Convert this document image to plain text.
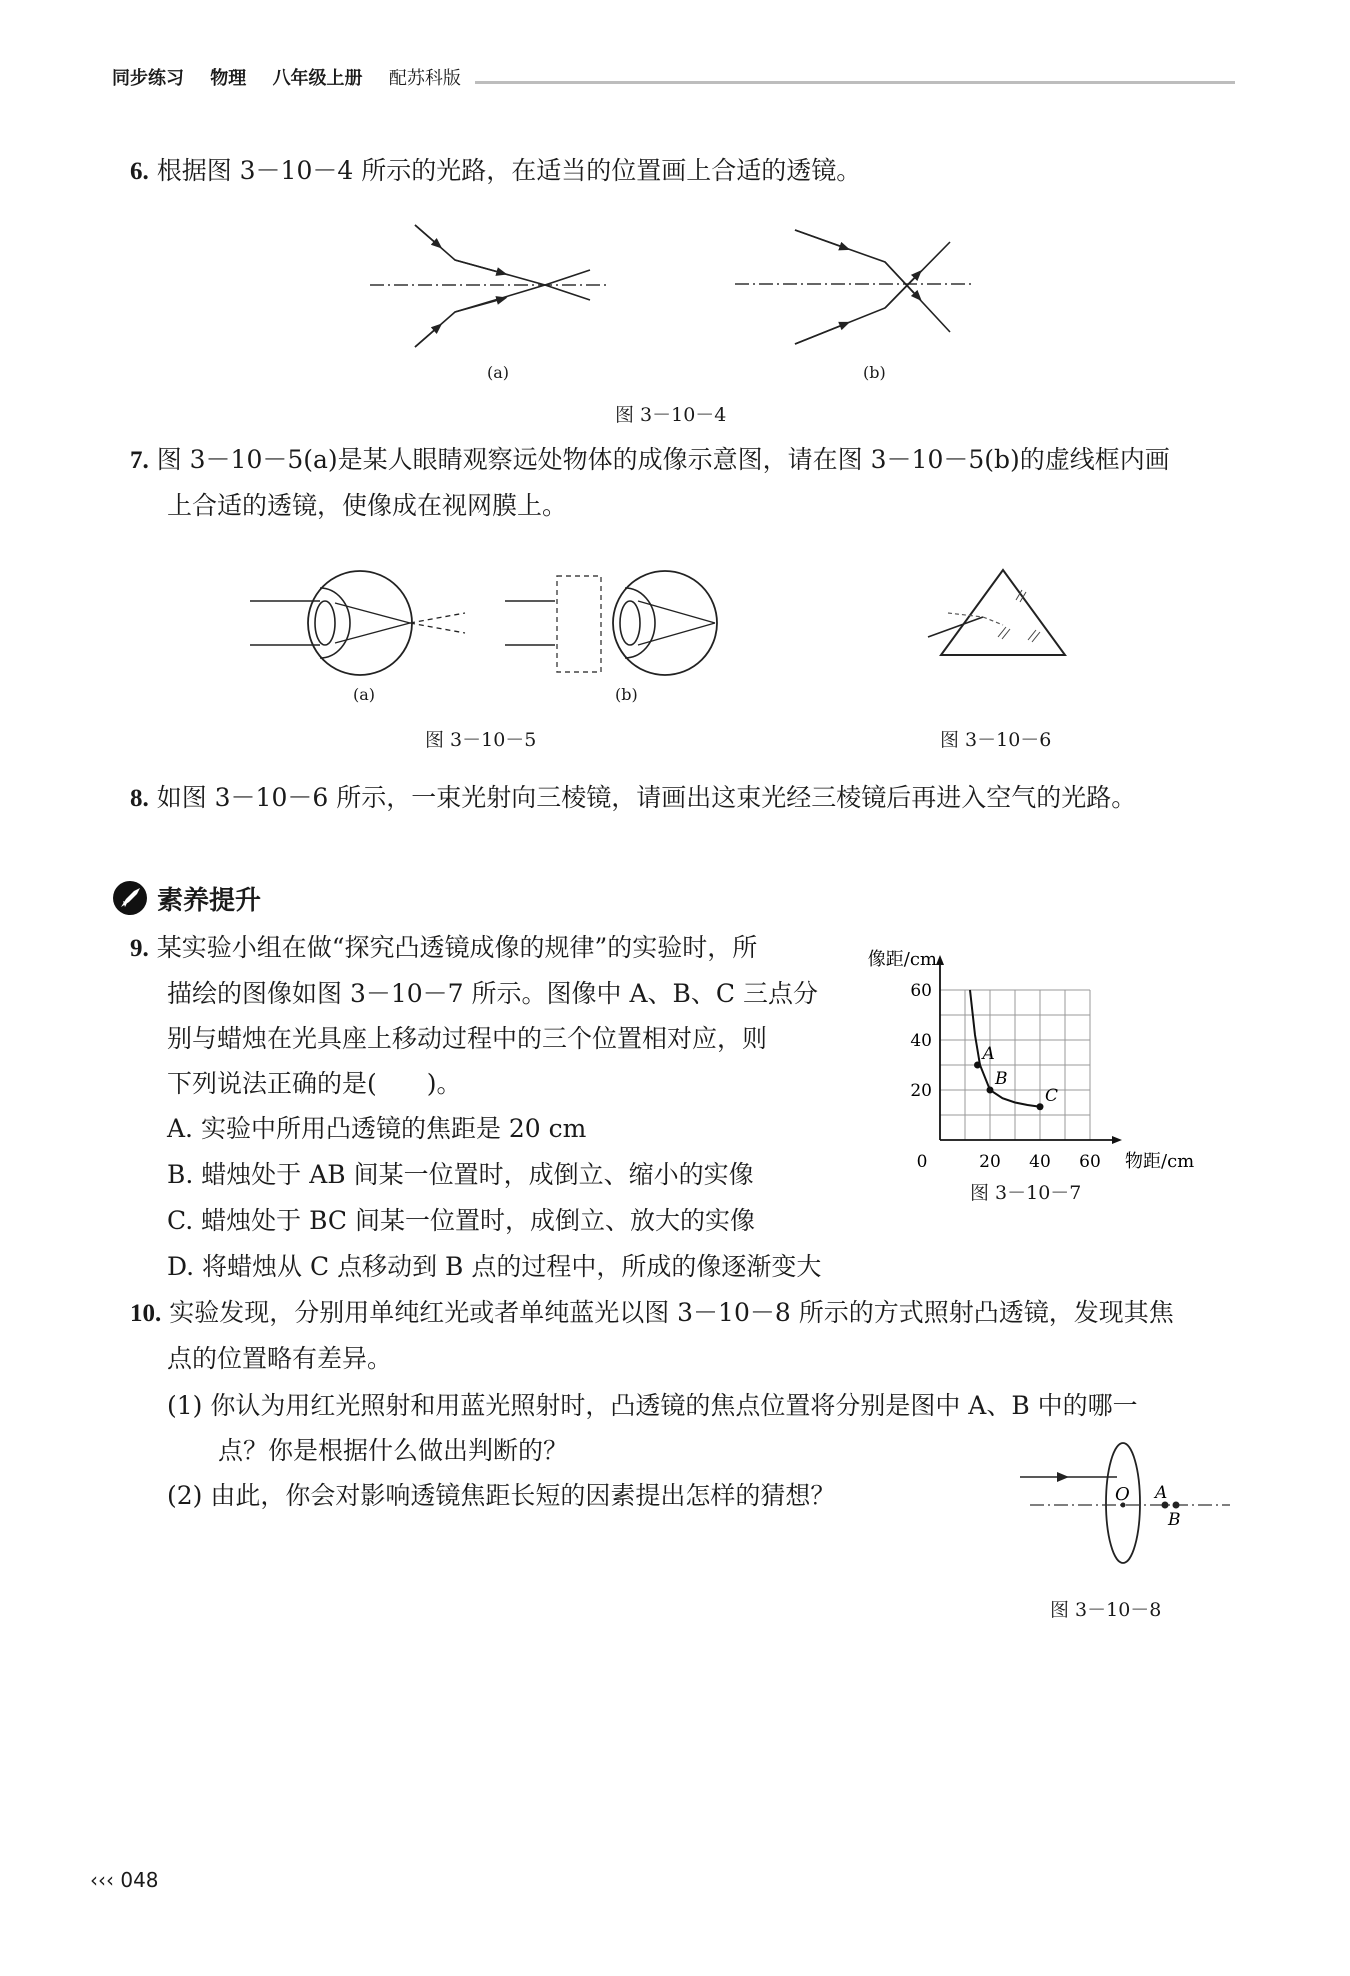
同步练习 物理 八年级上册 配苏科版
6. 根据图 3－10－4 所示的光路，在适当的位置画上合适的透镜。
(a)	(b)
图 3－10－4
7. 图 3－10－5(a)是某人眼睛观察远处物体的成像示意图，请在图 3－10－5(b)的虚线框内画
上合适的透镜，使像成在视网膜上。
(a)	(b)
图 3－10－5	图 3－10－6
8. 如图 3－10－6 所示，一束光射向三棱镜，请画出这束光经三棱镜后再进入空气的光路。
素养提升
9. 某实验小组在做“探究凸透镜成像的规律”的实验时，所
描绘的图像如图 3－10－7 所示。图像中 A、B、C 三点分
别与蜡烛在光具座上移动过程中的三个位置相对应，则
下列说法正确的是(　　)。
A. 实验中所用凸透镜的焦距是 20 cm
B. 蜡烛处于 AB 间某一位置时，成倒立、缩小的实像
C. 蜡烛处于 BC 间某一位置时，成倒立、放大的实像
D. 将蜡烛从 C 点移动到 B 点的过程中，所成的像逐渐变大
0	20 40 60
20
40
60
物距/cm
像距/cm
A
B
C
图 3－10－7
10. 实验发现，分别用单纯红光或者单纯蓝光以图 3－10－8 所示的方式照射凸透镜，发现其焦
点的位置略有差异。
(1) 你认为用红光照射和用蓝光照射时，凸透镜的焦点位置将分别是图中 A、B 中的哪一
点？你是根据什么做出判断的？
(2) 由此，你会对影响透镜焦距长短的因素提出怎样的猜想？	O A
B
图 3－10－8
‹‹‹ 048
